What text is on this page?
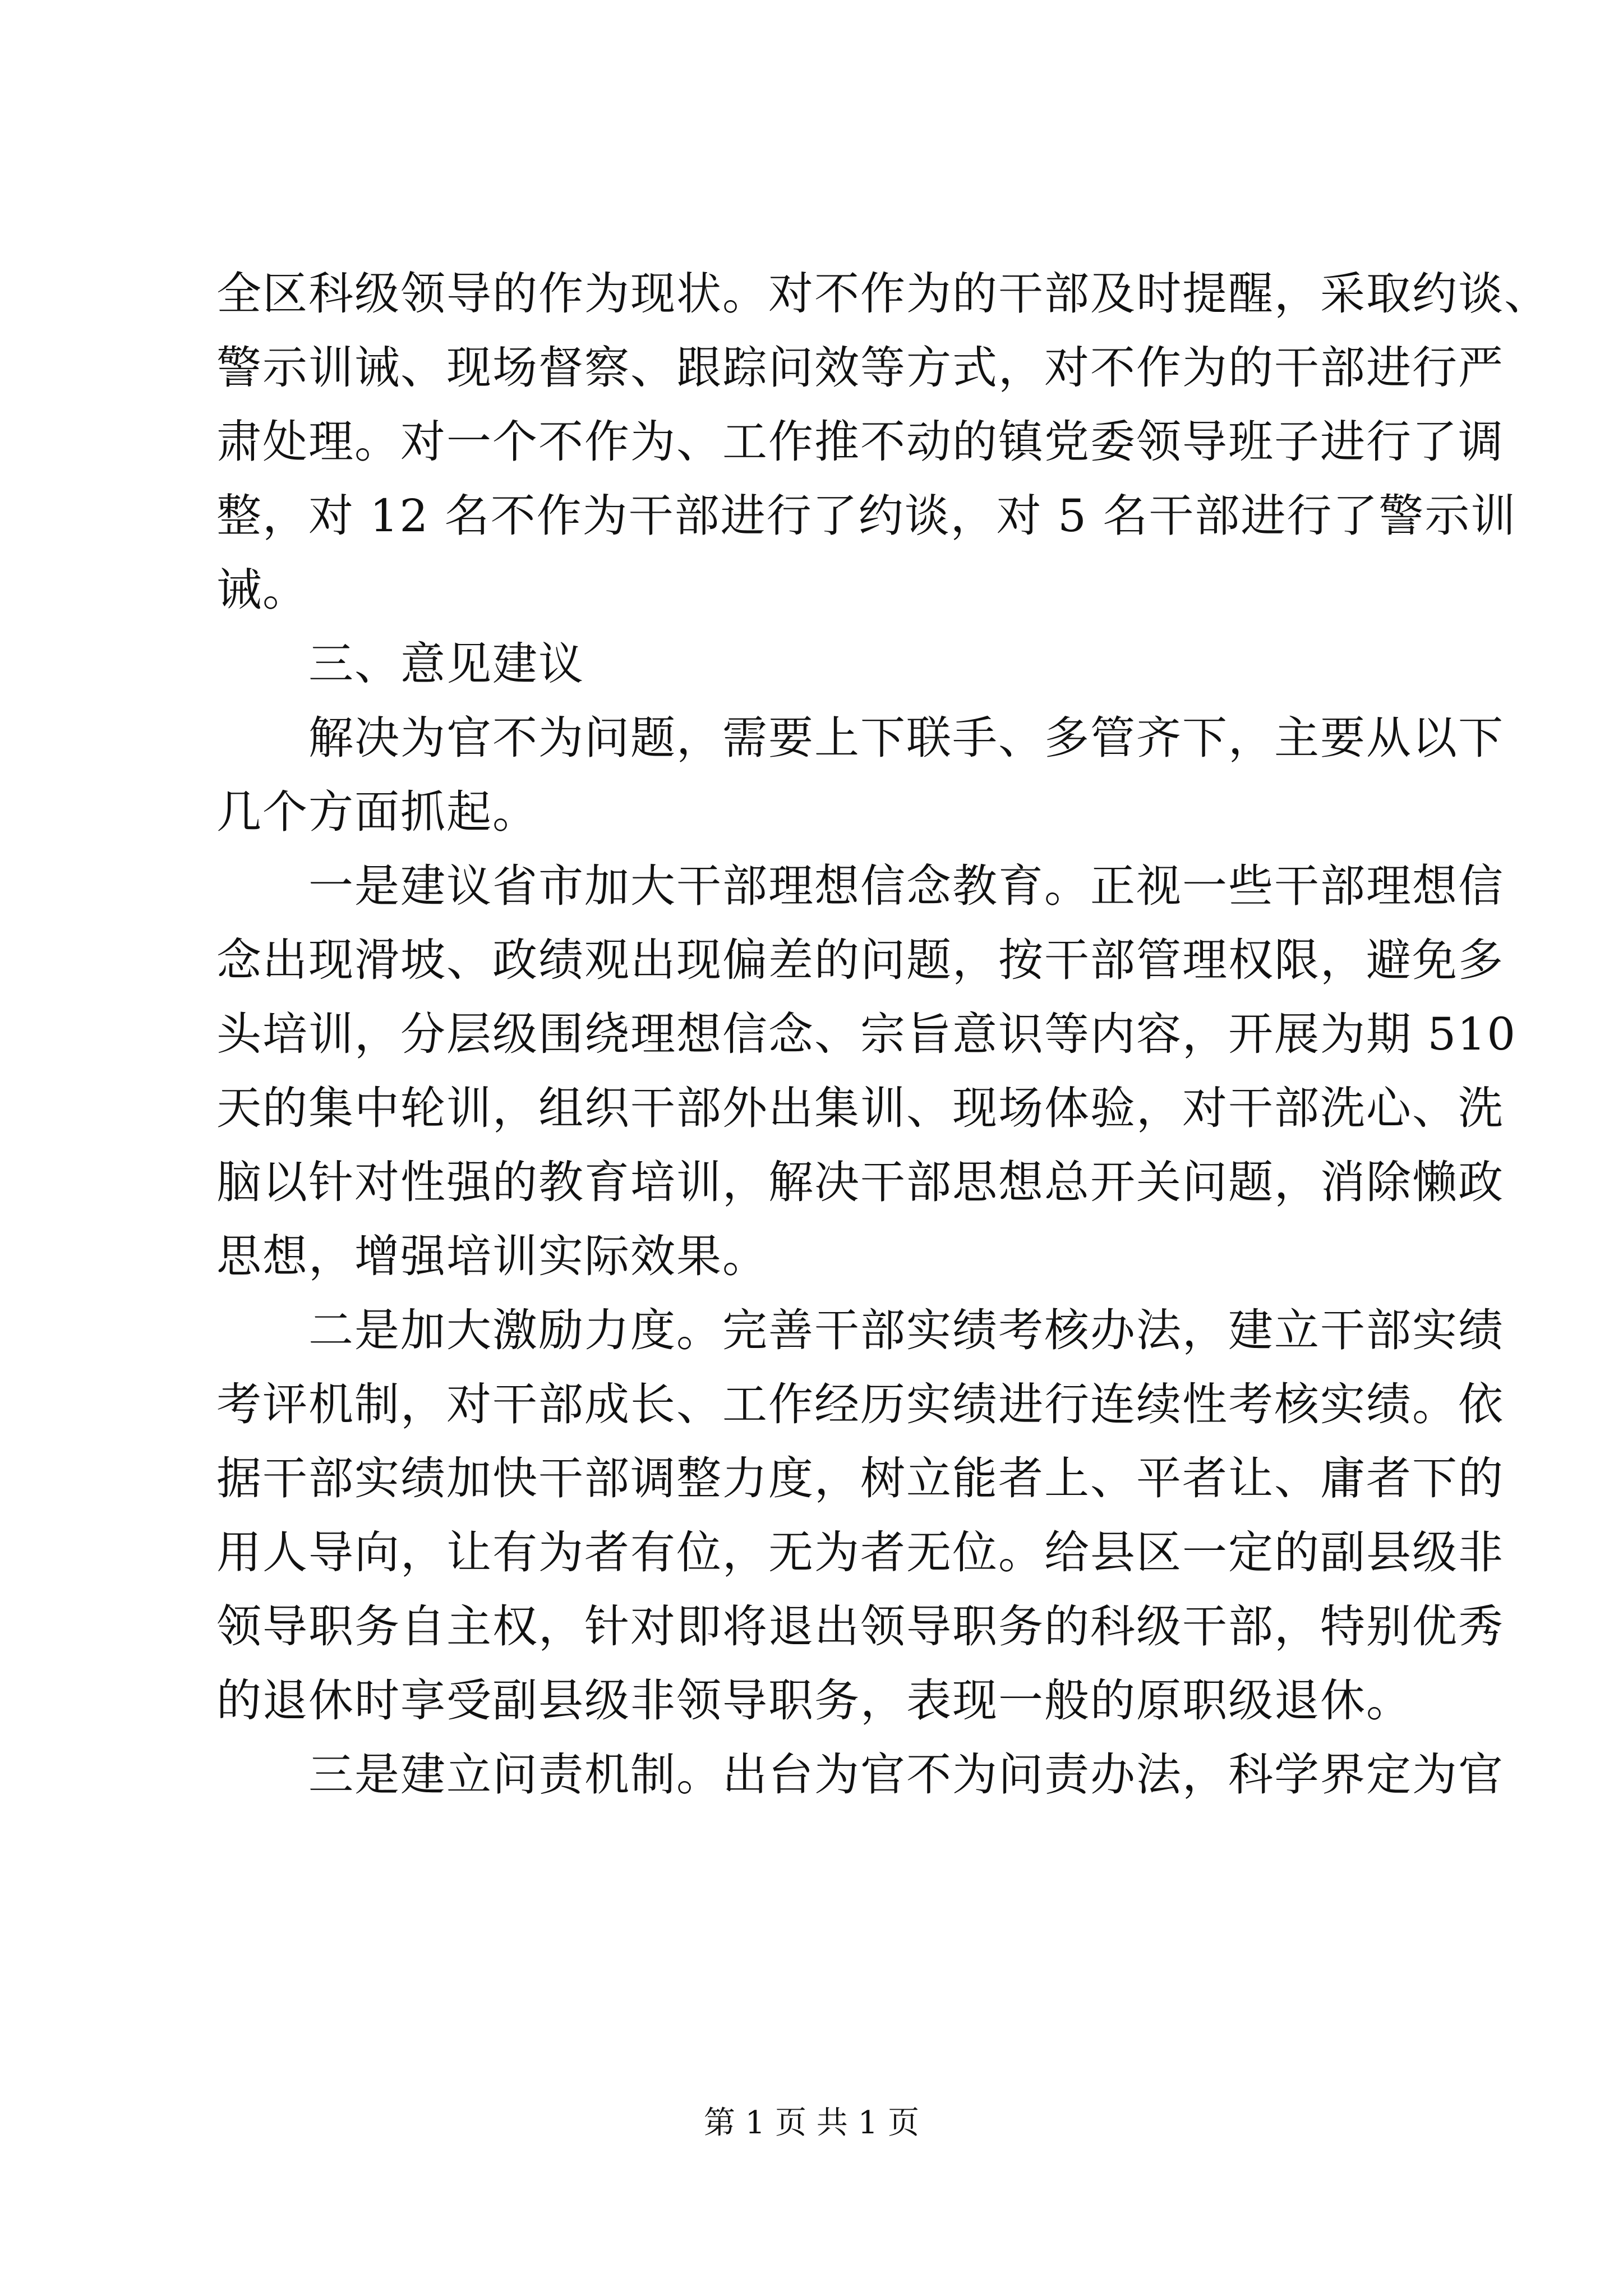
全区科级领导的作为现状。对不作为的干部及时提醒，采取约谈、
警示训诫、现场督察、跟踪问效等方式，对不作为的干部进行严
肃处理。对一个不作为、工作推不动的镇党委领导班子进行了调
整，对 12 名不作为干部进行了约谈，对 5 名干部进行了警示训
诫。
　　三、意见建议
　　解决为官不为问题，需要上下联手、多管齐下，主要从以下
几个方面抓起。
　　一是建议省市加大干部理想信念教育。正视一些干部理想信
念出现滑坡、政绩观出现偏差的问题，按干部管理权限，避免多
头培训，分层级围绕理想信念、宗旨意识等内容，开展为期 510
天的集中轮训，组织干部外出集训、现场体验，对干部洗心、洗
脑以针对性强的教育培训，解决干部思想总开关问题，消除懒政
思想，增强培训实际效果。
　　二是加大激励力度。完善干部实绩考核办法，建立干部实绩
考评机制，对干部成长、工作经历实绩进行连续性考核实绩。依
据干部实绩加快干部调整力度，树立能者上、平者让、庸者下的
用人导向，让有为者有位，无为者无位。给县区一定的副县级非
领导职务自主权，针对即将退出领导职务的科级干部，特别优秀
的退休时享受副县级非领导职务，表现一般的原职级退休。
　　三是建立问责机制。出台为官不为问责办法，科学界定为官
第 1 页 共 1 页
